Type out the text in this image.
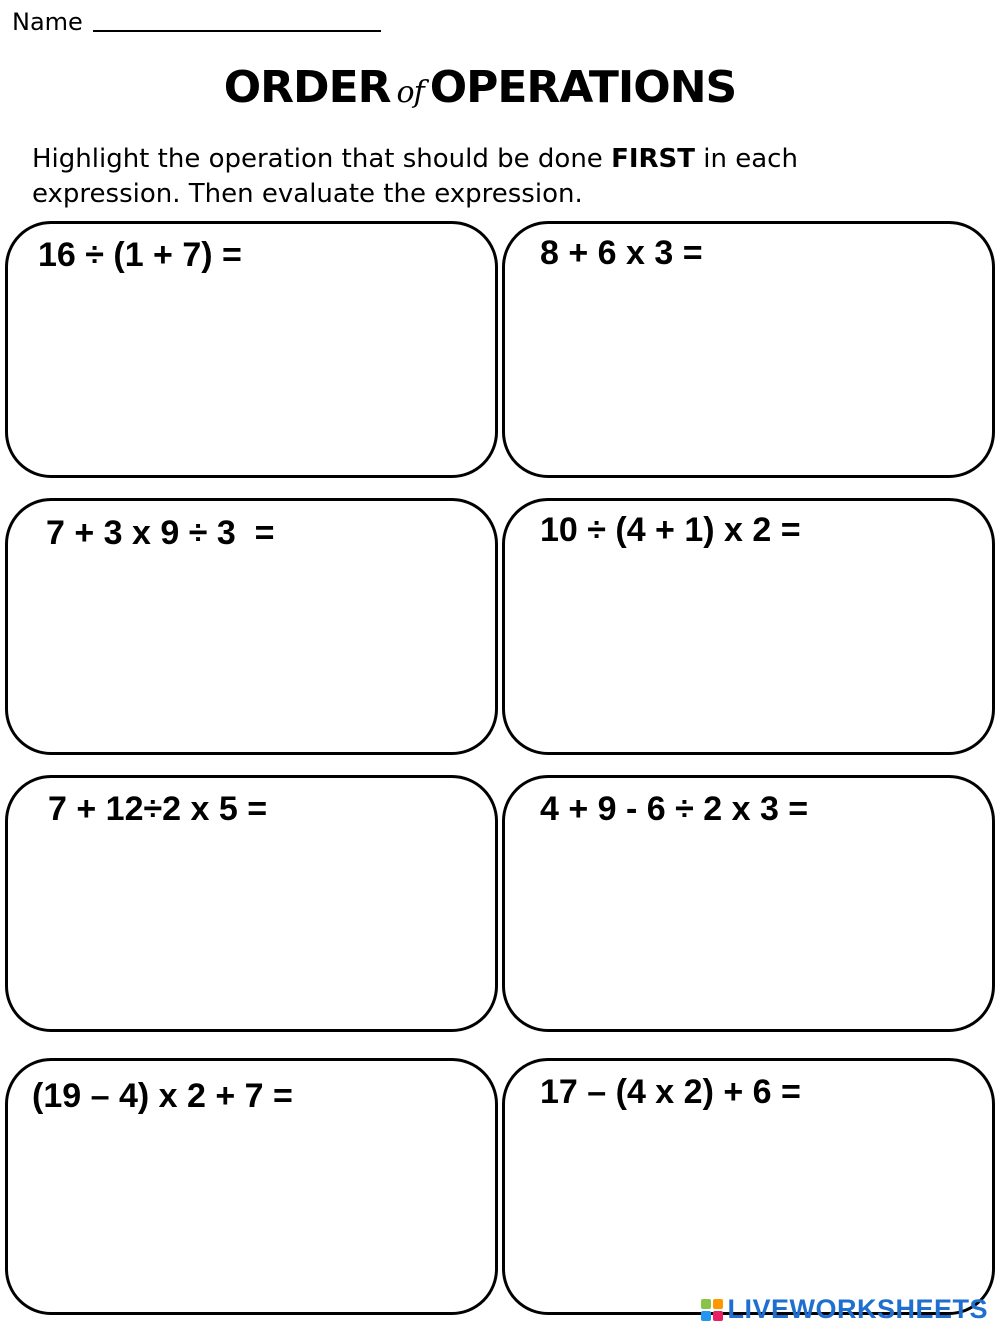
Name
ORDER of OPERATIONS
Highlight the operation that should be done FIRST in each expression. Then evaluate the expression.
16 ÷ (1 + 7) =	8 + 6 x 3 =
7 + 3 x 9 ÷ 3  =	10 ÷ (4 + 1) x 2 =
7 + 12÷2 x 5 =	4 + 9 - 6 ÷ 2 x 3 =
(19 – 4) x 2 + 7 =	17 – (4 x 2) + 6 =
LIVEWORKSHEETS
